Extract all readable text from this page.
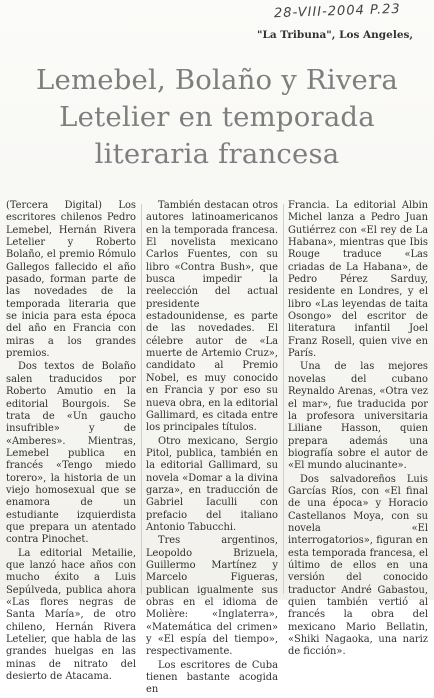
28-VIII-2004 P.23
"La Tribuna", Los Angeles,
Lemebel, Bolaño y Rivera
Letelier en temporada
literaria francesa

(Tercera Digital) Los escritores chilenos Pedro Lemebel, Hernán Rivera Letelier y Roberto Bolaño, el premio Rómulo Gallegos fallecido el año pasado, forman parte de las novedades de la temporada literaria que se inicia para esta época del año en Francia con miras a los grandes premios.

Dos textos de Bolaño salen traducidos por Roberto Amutio en la editorial Bourgois. Se trata de «Un gaucho insufrible» y de «Amberes». Mientras, Lemebel publica en francés «Tengo miedo torero», la historia de un viejo homosexual que se enamora de un estudiante izquierdista que prepara un atentado contra Pinochet.

La editorial Metailie, que lanzó hace años con mucho éxito a Luis Sepúlveda, publica ahora «Las flores negras de Santa María», de otro chileno, Hernán Rivera Letelier, que habla de las grandes huelgas en las minas de nitrato del desierto de Atacama.

También destacan otros autores latinoamericanos en la temporada francesa. El novelista mexicano Carlos Fuentes, con su libro «Contra Bush», que busca impedir la reelección del actual presidente estadounidense, es parte de las novedades. El célebre autor de «La muerte de Artemio Cruz», candidato al Premio Nobel, es muy conocido en Francia y por eso su nueva obra, en la editorial Gallimard, es citada entre los principales títulos.

Otro mexicano, Sergio Pitol, publica, también en la editorial Gallimard, su novela «Domar a la divina garza», en traducción de Gabriel Iaculli con prefacio del italiano Antonio Tabucchi.

Tres argentinos, Leopoldo Brizuela, Guillermo Martínez y Marcelo Figueras, publican igualmente sus obras en el idioma de Molière: «Inglaterra», «Matemática del crimen» y «El espía del tiempo», respectivamente.

Los escritores de Cuba tienen bastante acogida en

Francia. La editorial Albin Michel lanza a Pedro Juan Gutiérrez con «El rey de La Habana», mientras que Ibis Rouge traduce «Las criadas de La Habana», de Pedro Pérez Sarduy, residente en Londres, y el libro «Las leyendas de taita Osongo» del escritor de literatura infantil Joel Franz Rosell, quien vive en París.

Una de las mejores novelas del cubano Reynaldo Arenas, «Otra vez el mar», fue traducida por la profesora universitaria Liliane Hasson, quien prepara además una biografía sobre el autor de «El mundo alucinante».

Dos salvadoreños Luis Garcías Ríos, con «El final de una época» y Horacio Castellanos Moya, con su novela «El interrogatorios», figuran en esta temporada francesa, el último de ellos en una versión del conocido traductor André Gabastou, quien también vertió al francés la obra del mexicano Mario Bellatin, «Shiki Nagaoka, una nariz de ficción».
